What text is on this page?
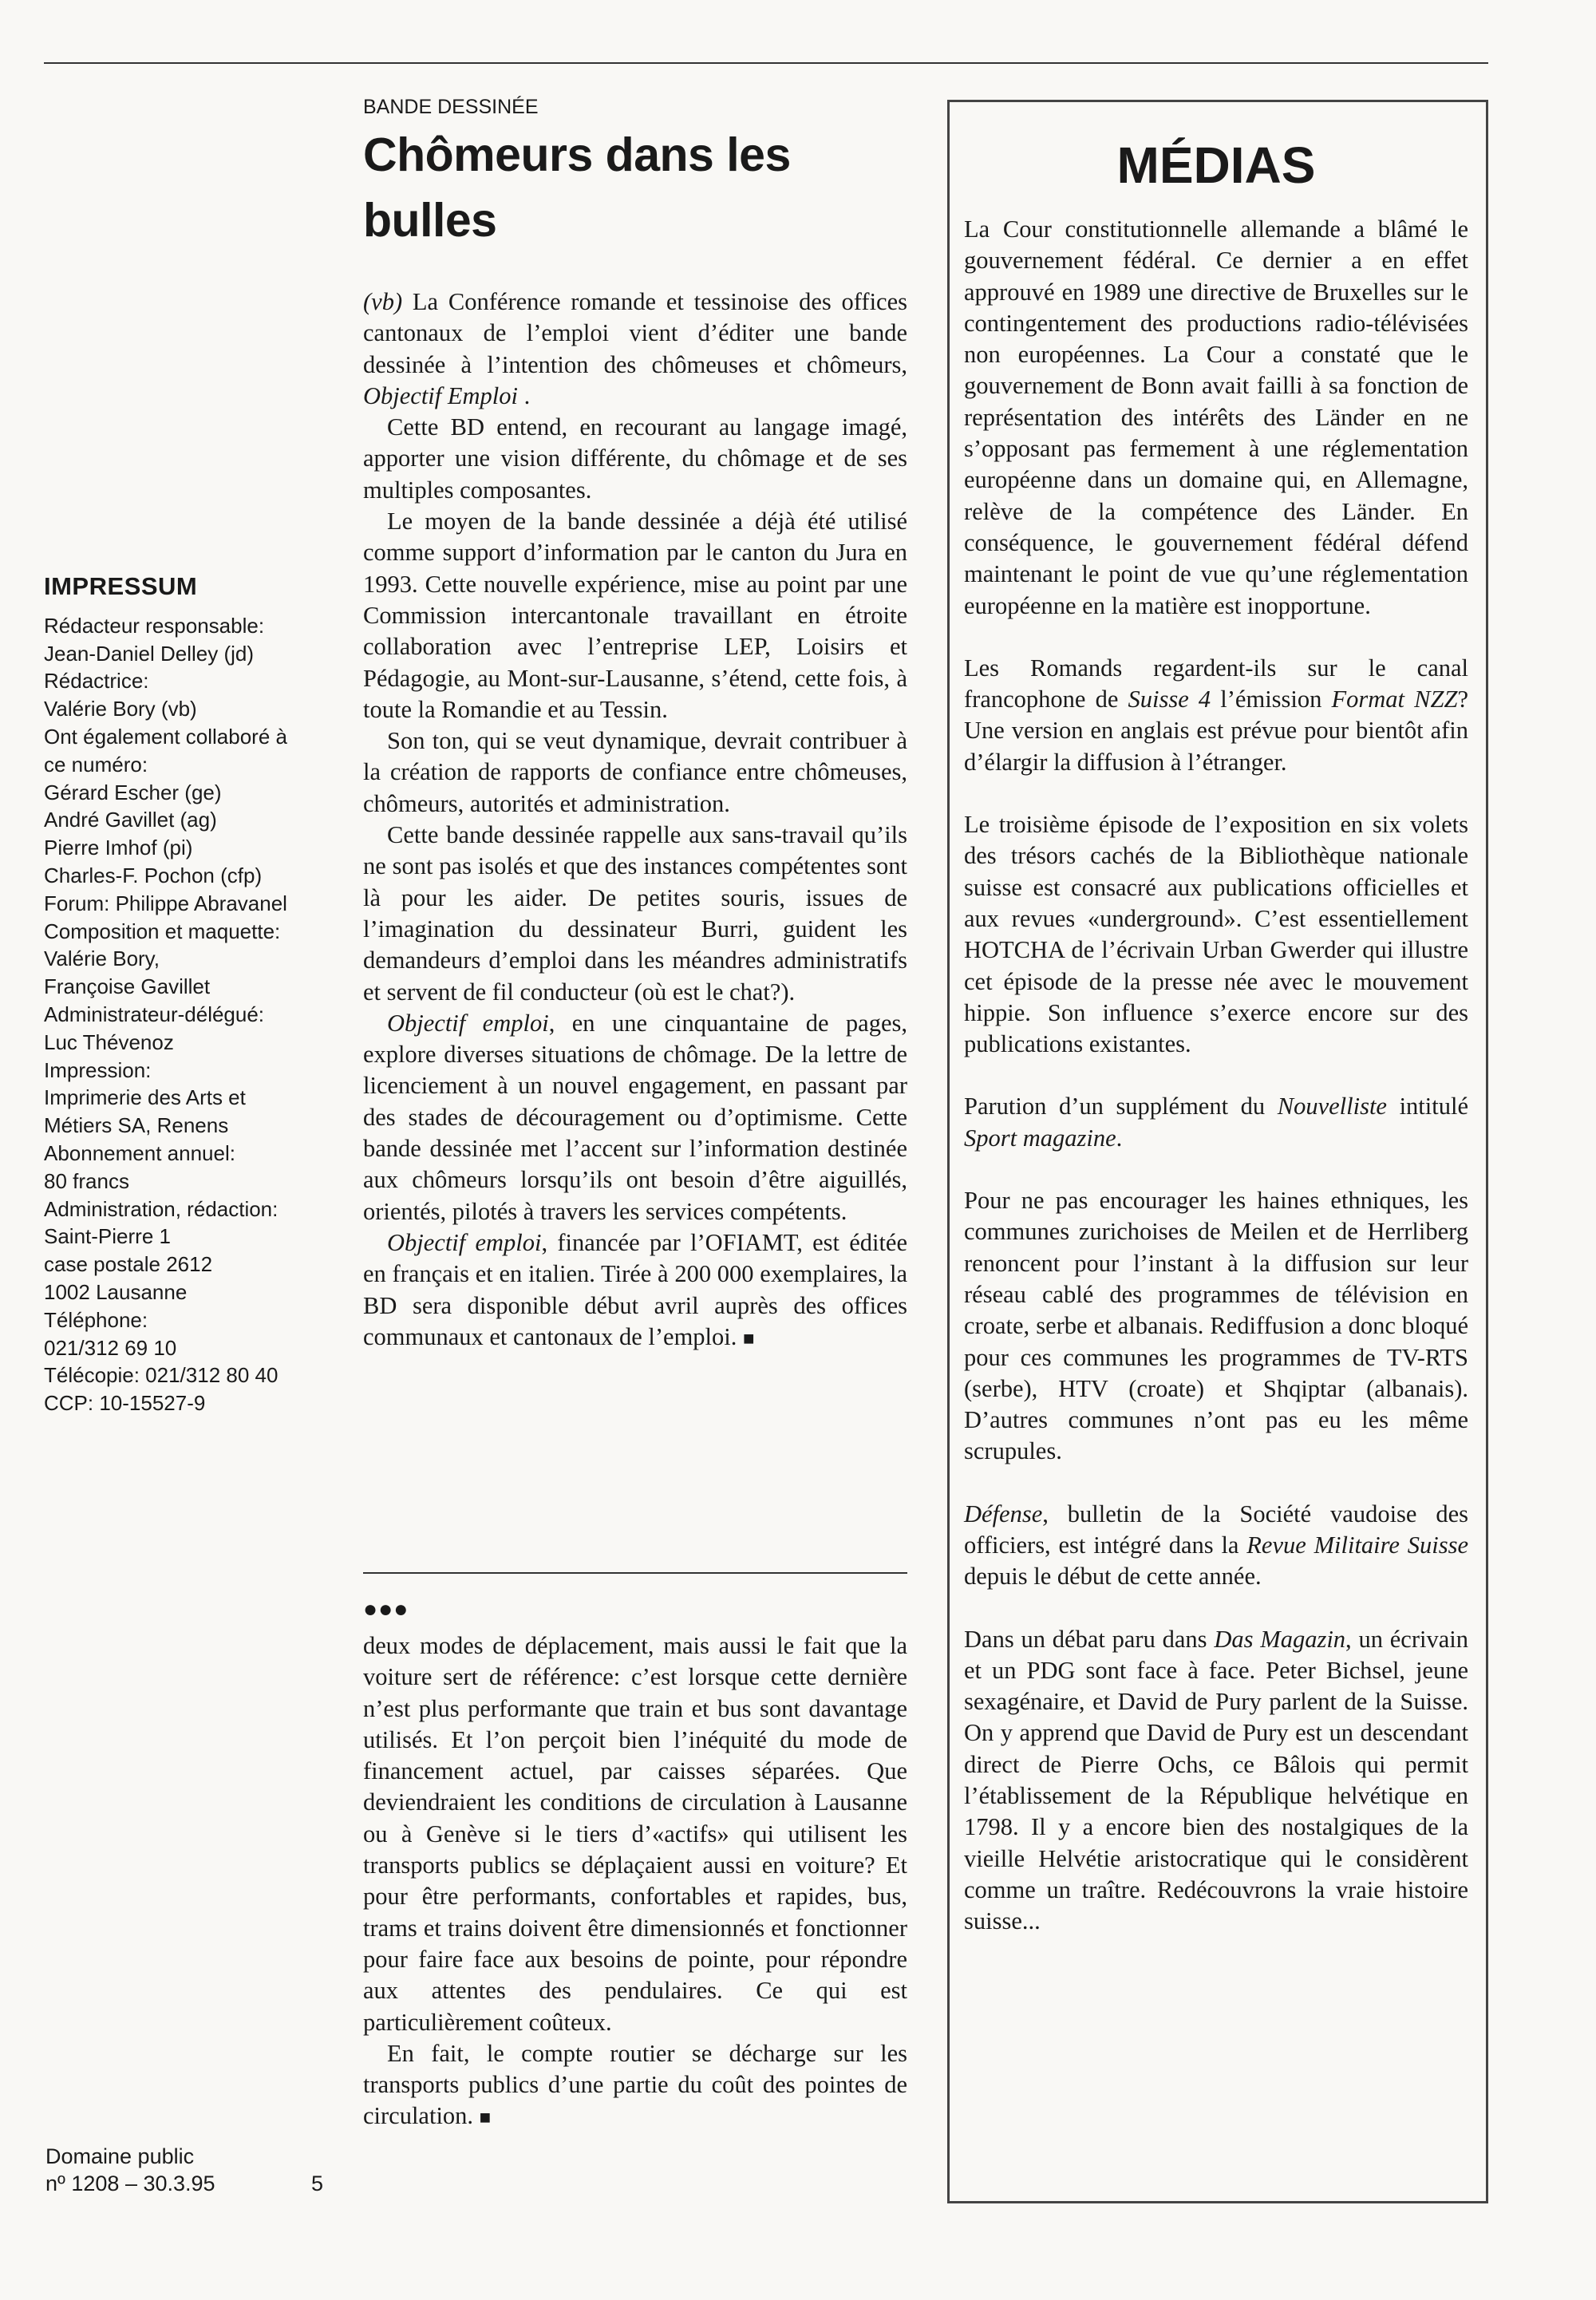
IMPRESSUM
Rédacteur responsable:
Jean-Daniel Delley (jd)
Rédactrice:
Valérie Bory (vb)
Ont également collaboré à
ce numéro:
Gérard Escher (ge)
André Gavillet (ag)
Pierre Imhof (pi)
Charles-F. Pochon (cfp)
Forum: Philippe Abravanel
Composition et maquette:
Valérie Bory,
Françoise Gavillet
Administrateur-délégué:
Luc Thévenoz
Impression:
Imprimerie des Arts et
Métiers SA, Renens
Abonnement annuel:
80 francs
Administration, rédaction:
Saint-Pierre 1
case postale 2612
1002 Lausanne
Téléphone:
021/312 69 10
Télécopie: 021/312 80 40
CCP: 10-15527-9
Domaine public
nº 1208 – 30.3.95	5
BANDE DESSINÉE
Chômeurs dans les bulles

(vb) La Conférence romande et tessinoise des offices cantonaux de l’emploi vient d’éditer une bande dessinée à l’intention des chômeuses et chômeurs, Objectif Emploi .

Cette BD entend, en recourant au langage imagé, apporter une vision différente, du chômage et de ses multiples composantes.

Le moyen de la bande dessinée a déjà été utilisé comme support d’information par le canton du Jura en 1993. Cette nouvelle expérience, mise au point par une Commission intercantonale travaillant en étroite collaboration avec l’entreprise LEP, Loisirs et Pédagogie, au Mont-sur-Lausanne, s’étend, cette fois, à toute la Romandie et au Tessin.

Son ton, qui se veut dynamique, devrait contribuer à la création de rapports de confiance entre chômeuses, chômeurs, autorités et administration.

Cette bande dessinée rappelle aux sans-travail qu’ils ne sont pas isolés et que des instances compétentes sont là pour les aider. De petites souris, issues de l’imagination du dessinateur Burri, guident les demandeurs d’emploi dans les méandres administratifs et servent de fil conducteur (où est le chat?).

Objectif emploi, en une cinquantaine de pages, explore diverses situations de chômage. De la lettre de licenciement à un nouvel engagement, en passant par des stades de découragement ou d’optimisme. Cette bande dessinée met l’accent sur l’information destinée aux chômeurs lorsqu’ils ont besoin d’être aiguillés, orientés, pilotés à travers les services compétents.

Objectif emploi, financée par l’OFIAMT, est éditée en français et en italien. Tirée à 200 000 exemplaires, la BD sera disponible début avril auprès des offices communaux et cantonaux de l’emploi. ■

●●●

deux modes de déplacement, mais aussi le fait que la voiture sert de référence: c’est lorsque cette dernière n’est plus performante que train et bus sont davantage utilisés. Et l’on perçoit bien l’inéquité du mode de financement actuel, par caisses séparées. Que deviendraient les conditions de circulation à Lausanne ou à Genève si le tiers d’«actifs» qui utilisent les transports publics se déplaçaient aussi en voiture? Et pour être performants, confortables et rapides, bus, trams et trains doivent être dimensionnés et fonctionner pour faire face aux besoins de pointe, pour répondre aux attentes des pendulaires. Ce qui est particulièrement coûteux.

En fait, le compte routier se décharge sur les transports publics d’une partie du coût des pointes de circulation. ■

MÉDIAS

La Cour constitutionnelle allemande a blâmé le gouvernement fédéral. Ce dernier a en effet approuvé en 1989 une directive de Bruxelles sur le contingentement des productions radio-télévisées non européennes. La Cour a constaté que le gouvernement de Bonn avait failli à sa fonction de représentation des intérêts des Länder en ne s’opposant pas fermement à une réglementation européenne dans un domaine qui, en Allemagne, relève de la compétence des Länder. En conséquence, le gouvernement fédéral défend maintenant le point de vue qu’une réglementation européenne en la matière est inopportune.

Les Romands regardent-ils sur le canal francophone de Suisse 4 l’émission Format NZZ? Une version en anglais est prévue pour bientôt afin d’élargir la diffusion à l’étranger.

Le troisième épisode de l’exposition en six volets des trésors cachés de la Bibliothèque nationale suisse est consacré aux publications officielles et aux revues «underground». C’est essentiellement HOTCHA de l’écrivain Urban Gwerder qui illustre cet épisode de la presse née avec le mouvement hippie. Son influence s’exerce encore sur des publications existantes.

Parution d’un supplément du Nouvelliste intitulé Sport magazine.

Pour ne pas encourager les haines ethniques, les communes zurichoises de Meilen et de Herrliberg renoncent pour l’instant à la diffusion sur leur réseau cablé des programmes de télévision en croate, serbe et albanais. Rediffusion a donc bloqué pour ces communes les programmes de TV-RTS (serbe), HTV (croate) et Shqiptar (albanais). D’autres communes n’ont pas eu les même scrupules.

Défense, bulletin de la Société vaudoise des officiers, est intégré dans la Revue Militaire Suisse depuis le début de cette année.

Dans un débat paru dans Das Magazin, un écrivain et un PDG sont face à face. Peter Bichsel, jeune sexagénaire, et David de Pury parlent de la Suisse. On y apprend que David de Pury est un descendant direct de Pierre Ochs, ce Bâlois qui permit l’établissement de la République helvétique en 1798. Il y a encore bien des nostalgiques de la vieille Helvétie aristocratique qui le considèrent comme un traître. Redécouvrons la vraie histoire suisse...
